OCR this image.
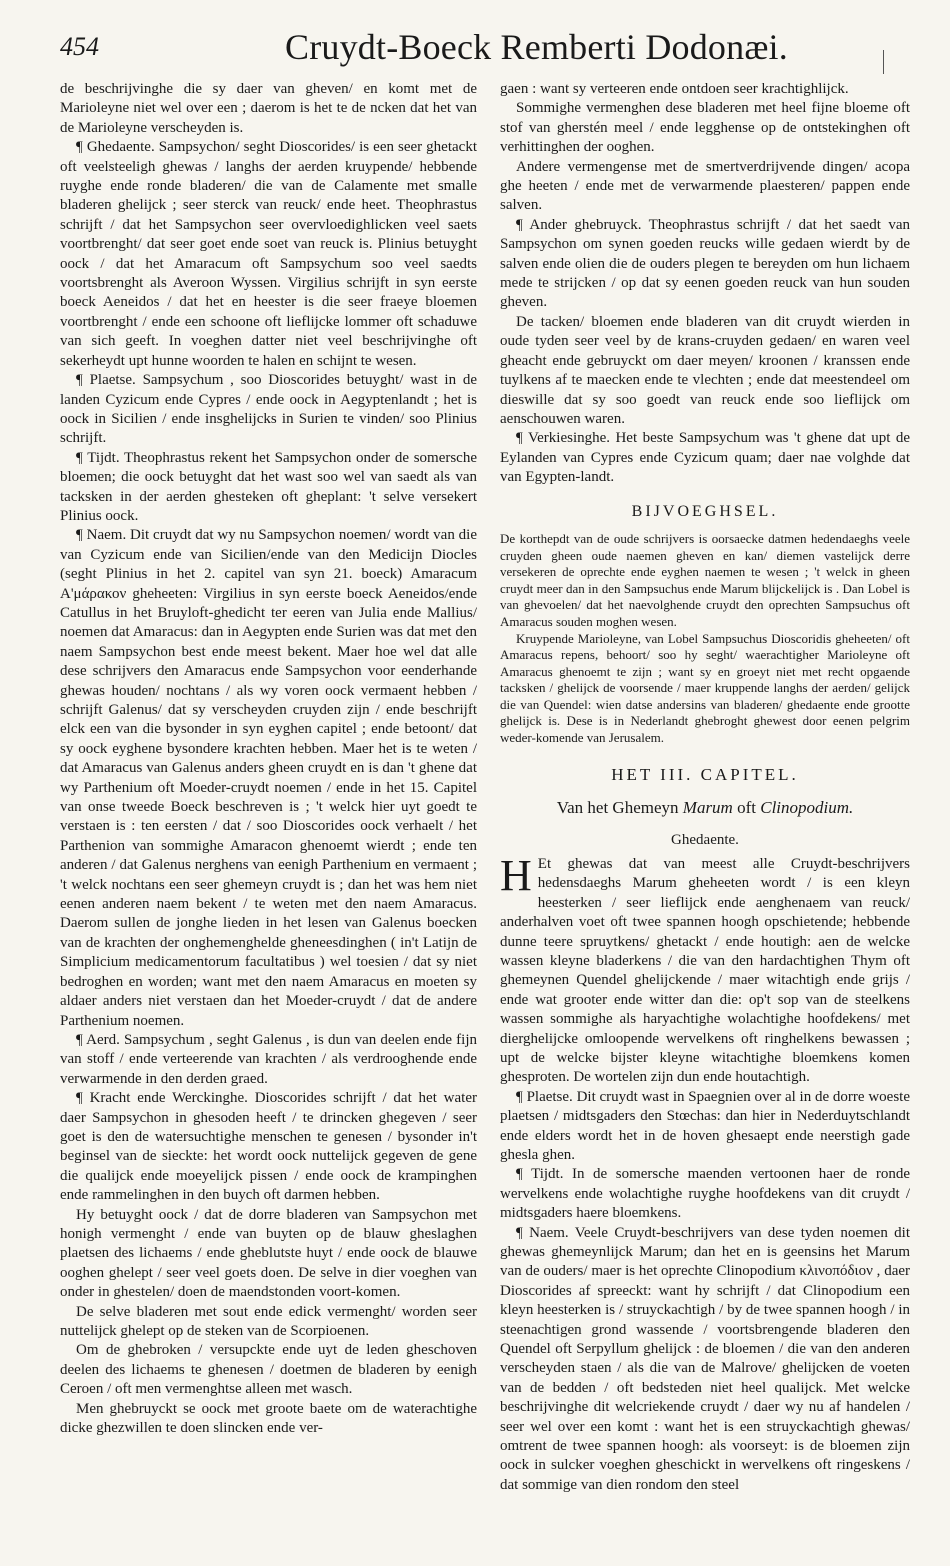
454	Cruydt-Boeck Remberti Dodonæi.

de beschrijvinghe die sy daer van gheven/ en komt met de Marioleyne niet wel over een ; daerom is het te de ncken dat het van de Marioleyne verscheyden is.

¶ Ghedaente. Sampsychon/ seght Dioscorides/ is een seer ghetackt oft veelsteeligh ghewas / langhs der aerden kruypende/ hebbende ruyghe ende ronde bladeren/ die van de Calamente met smalle bladeren ghelijck ; seer sterck van reuck/ ende heet. Theophrastus schrijft / dat het Sampsychon seer overvloedighlicken veel saets voortbrenght/ dat seer goet ende soet van reuck is. Plinius betuyght oock / dat het Amaracum oft Sampsychum soo veel saedts voortsbrenght als Averoon Wyssen. Virgilius schrijft in syn eerste boeck Aeneidos / dat het en heester is die seer fraeye bloemen voortbrenght / ende een schoone oft lieflijcke lommer oft schaduwe van sich geeft. In voeghen datter niet veel beschrijvinghe oft sekerheydt upt hunne woorden te halen en schijnt te wesen.

¶ Plaetse. Sampsychum , soo Dioscorides betuyght/ wast in de landen Cyzicum ende Cypres / ende oock in Aegyptenlandt ; het is oock in Sicilien / ende insghelijcks in Surien te vinden/ soo Plinius schrijft.

¶ Tijdt. Theophrastus rekent het Sampsychon onder de somersche bloemen; die oock betuyght dat het wast soo wel van saedt als van tacksken in der aerden ghesteken oft gheplant: 't selve versekert Plinius oock.

¶ Naem. Dit cruydt dat wy nu Sampsychon noemen/ wordt van die van Cyzicum ende van Sicilien/ende van den Medicijn Diocles (seght Plinius in het 2. capitel van syn 21. boeck) Amaracum Α'μάρακον gheheeten: Virgilius in syn eerste boeck Aeneidos/ende Catullus in het Bruyloft-ghedicht ter eeren van Julia ende Mallius/ noemen dat Amaracus: dan in Aegypten ende Surien was dat met den naem Sampsychon best ende meest bekent. Maer hoe wel dat alle dese schrijvers den Amaracus ende Sampsychon voor eenderhande ghewas houden/ nochtans / als wy voren oock vermaent hebben / schrijft Galenus/ dat sy verscheyden cruyden zijn / ende beschrijft elck een van die bysonder in syn eyghen capitel ; ende betoont/ dat sy oock eyghene bysondere krachten hebben. Maer het is te weten / dat Amaracus van Galenus anders gheen cruydt en is dan 't ghene dat wy Parthenium oft Moeder-cruydt noemen / ende in het 15. Capitel van onse tweede Boeck beschreven is ; 't welck hier uyt goedt te verstaen is : ten eersten / dat / soo Dioscorides oock verhaelt / het Parthenion van sommighe Amaracon ghenoemt wierdt ; ende ten anderen / dat Galenus nerghens van eenigh Parthenium en vermaent ; 't welck nochtans een seer ghemeyn cruydt is ; dan het was hem niet eenen anderen naem bekent / te weten met den naem Amaracus. Daerom sullen de jonghe lieden in het lesen van Galenus boecken van de krachten der onghemenghelde gheneesdinghen ( in't Latijn de Simplicium medicamentorum facultatibus ) wel toesien / dat sy niet bedroghen en worden; want met den naem Amaracus en moeten sy aldaer anders niet verstaen dan het Moeder-cruydt / dat de andere Parthenium noemen.

¶ Aerd. Sampsychum , seght Galenus , is dun van deelen ende fijn van stoff / ende verteerende van krachten / als verdrooghende ende verwarmende in den derden graed.

¶ Kracht ende Werckinghe. Dioscorides schrijft / dat het water daer Sampsychon in ghesoden heeft / te drincken ghegeven / seer goet is den de watersuchtighe menschen te genesen / bysonder in't beginsel van de sieckte: het wordt oock nuttelijck gegeven de gene die qualijck ende moeyelijck pissen / ende oock de krampinghen ende rammelinghen in den buych oft darmen hebben.

Hy betuyght oock / dat de dorre bladeren van Sampsychon met honigh vermenght / ende van buyten op de blauw gheslaghen plaetsen des lichaems / ende gheblutste huyt / ende oock de blauwe ooghen ghelept / seer veel goets doen. De selve in dier voeghen van onder in ghestelen/ doen de maendstonden voort-komen.

De selve bladeren met sout ende edick vermenght/ worden seer nuttelijck ghelept op de steken van de Scorpioenen.

Om de ghebroken / versupckte ende uyt de leden gheschoven deelen des lichaems te ghenesen / doetmen de bladeren by eenigh Ceroen / oft men vermenghtse alleen met wasch.

Men ghebruyckt se oock met groote baete om de waterachtighe dicke ghezwillen te doen slincken ende ver-

gaen : want sy verteeren ende ontdoen seer krachtighlijck.

Sommighe vermenghen dese bladeren met heel fijne bloeme oft stof van gherstén meel / ende legghense op de ontstekinghen oft verhittinghen der ooghen.

Andere vermengense met de smertverdrijvende dingen/ acopa ghe heeten / ende met de verwarmende plaesteren/ pappen ende salven.

¶ Ander ghebruyck. Theophrastus schrijft / dat het saedt van Sampsychon om synen goeden reucks wille gedaen wierdt by de salven ende olien die de ouders plegen te bereyden om hun lichaem mede te strijcken / op dat sy eenen goeden reuck van hun souden gheven.

De tacken/ bloemen ende bladeren van dit cruydt wierden in oude tyden seer veel by de krans-cruyden gedaen/ en waren veel gheacht ende gebruyckt om daer meyen/ kroonen / kranssen ende tuylkens af te maecken ende te vlechten ; ende dat meestendeel om dieswille dat sy soo goedt van reuck ende soo lieflijck om aenschouwen waren.

¶ Verkiesinghe. Het beste Sampsychum was 't ghene dat upt de Eylanden van Cypres ende Cyzicum quam; daer nae volghde dat van Egypten-landt.

BIJVOEGHSEL.

De korthepdt van de oude schrijvers is oorsaecke datmen hedendaeghs veele cruyden gheen oude naemen gheven en kan/ diemen vastelijck derre versekeren de oprechte ende eyghen naemen te wesen ; 't welck in gheen cruydt meer dan in den Sampsuchus ende Marum blijckelijck is . Dan Lobel is van ghevoelen/ dat het naevolghende cruydt den oprechten Sampsuchus oft Amaracus souden moghen wesen.

Kruypende Marioleyne, van Lobel Sampsuchus Dioscoridis gheheeten/ oft Amaracus repens, behoort/ soo hy seght/ waerachtigher Marioleyne oft Amaracus ghenoemt te zijn ; want sy en groeyt niet met recht opgaende tacksken / ghelijck de voorsende / maer kruppende langhs der aerden/ gelijck die van Quendel: wien datse andersins van bladeren/ ghedaente ende grootte ghelijck is. Dese is in Nederlandt ghebroght ghewest door eenen pelgrim weder-komende van Jerusalem.

HET III. CAPITEL.
Van het Ghemeyn Marum oft Clinopodium.
Ghedaente.

H Et ghewas dat van meest alle Cruydt-beschrijvers hedensdaeghs Marum gheheeten wordt / is een kleyn heesterken / seer lieflijck ende aenghenaem van reuck/ anderhalven voet oft twee spannen hoogh opschietende; hebbende dunne teere spruytkens/ ghetackt / ende houtigh: aen de welcke wassen kleyne bladerkens / die van den hardachtighen Thym oft ghemeynen Quendel ghelijckende / maer witachtigh ende grijs / ende wat grooter ende witter dan die: op't sop van de steelkens wassen sommighe als haryachtighe wolachtighe hoofdekens/ met dierghelijcke omloopende wervelkens oft ringhelkens bewassen ; upt de welcke bijster kleyne witachtighe bloemkens komen ghesproten. De wortelen zijn dun ende houtachtigh.

¶ Plaetse. Dit cruydt wast in Spaegnien over al in de dorre woeste plaetsen / midtsgaders den Stœchas: dan hier in Nederduytschlandt ende elders wordt het in de hoven ghesaept ende neerstigh gade ghesla ghen.

¶ Tijdt. In de somersche maenden vertoonen haer de ronde wervelkens ende wolachtighe ruyghe hoofdekens van dit cruydt / midtsgaders haere bloemkens.

¶ Naem. Veele Cruydt-beschrijvers van dese tyden noemen dit ghewas ghemeynlijck Marum; dan het en is geensins het Marum van de ouders/ maer is het oprechte Clinopodium κλινοπόδιον , daer Dioscorides af spreeckt: want hy schrijft / dat Clinopodium een kleyn heesterken is / struyckachtigh / by de twee spannen hoogh / in steenachtigen grond wassende / voortsbrengende bladeren den Quendel oft Serpyllum ghelijck : de bloemen / die van den anderen verscheyden staen / als die van de Malrove/ ghelijcken de voeten van de bedden / oft bedsteden niet heel qualijck. Met welcke beschrijvinghe dit welcriekende cruydt / daer wy nu af handelen / seer wel over een komt : want het is een struyckachtigh ghewas/ omtrent de twee spannen hoogh: als voorseyt: is de bloemen zijn oock in sulcker voeghen gheschickt in wervelkens oft ringeskens / dat sommige van dien rondom den steel
